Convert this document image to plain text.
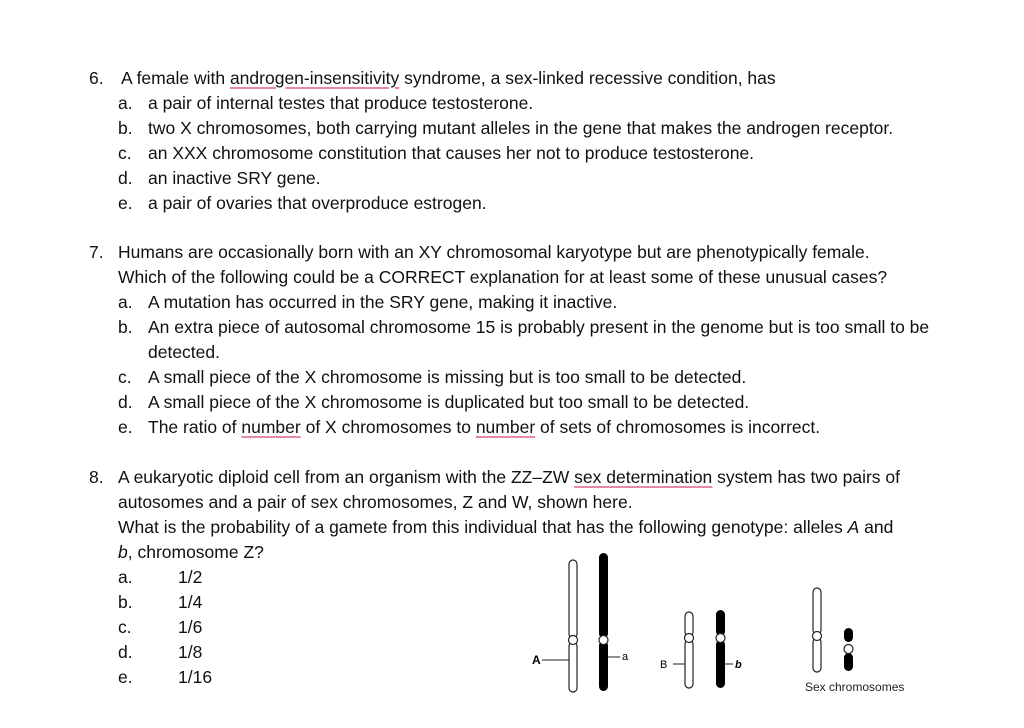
6. A female with androgen-insensitivity syndrome, a sex-linked recessive condition, has
a. a pair of internal testes that produce testosterone.
b. two X chromosomes, both carrying mutant alleles in the gene that makes the androgen receptor.
c. an XXX chromosome constitution that causes her not to produce testosterone.
d. an inactive SRY gene.
e. a pair of ovaries that overproduce estrogen.
7. Humans are occasionally born with an XY chromosomal karyotype but are phenotypically female.
Which of the following could be a CORRECT explanation for at least some of these unusual cases?
a. A mutation has occurred in the SRY gene, making it inactive.
b. An extra piece of autosomal chromosome 15 is probably present in the genome but is too small to be detected.
c. A small piece of the X chromosome is missing but is too small to be detected.
d. A small piece of the X chromosome is duplicated but too small to be detected.
e. The ratio of number of X chromosomes to number of sets of chromosomes is incorrect.
8. A eukaryotic diploid cell from an organism with the ZZ–ZW sex determination system has two pairs of
autosomes and a pair of sex chromosomes, Z and W, shown here.
What is the probability of a gamete from this individual that has the following genotype: alleles A and
b, chromosome Z?
a.	1/2
b.	1/4
c.	1/6
d.	1/8
e.	1/16
A	a
B	b
Sex chromosomes
